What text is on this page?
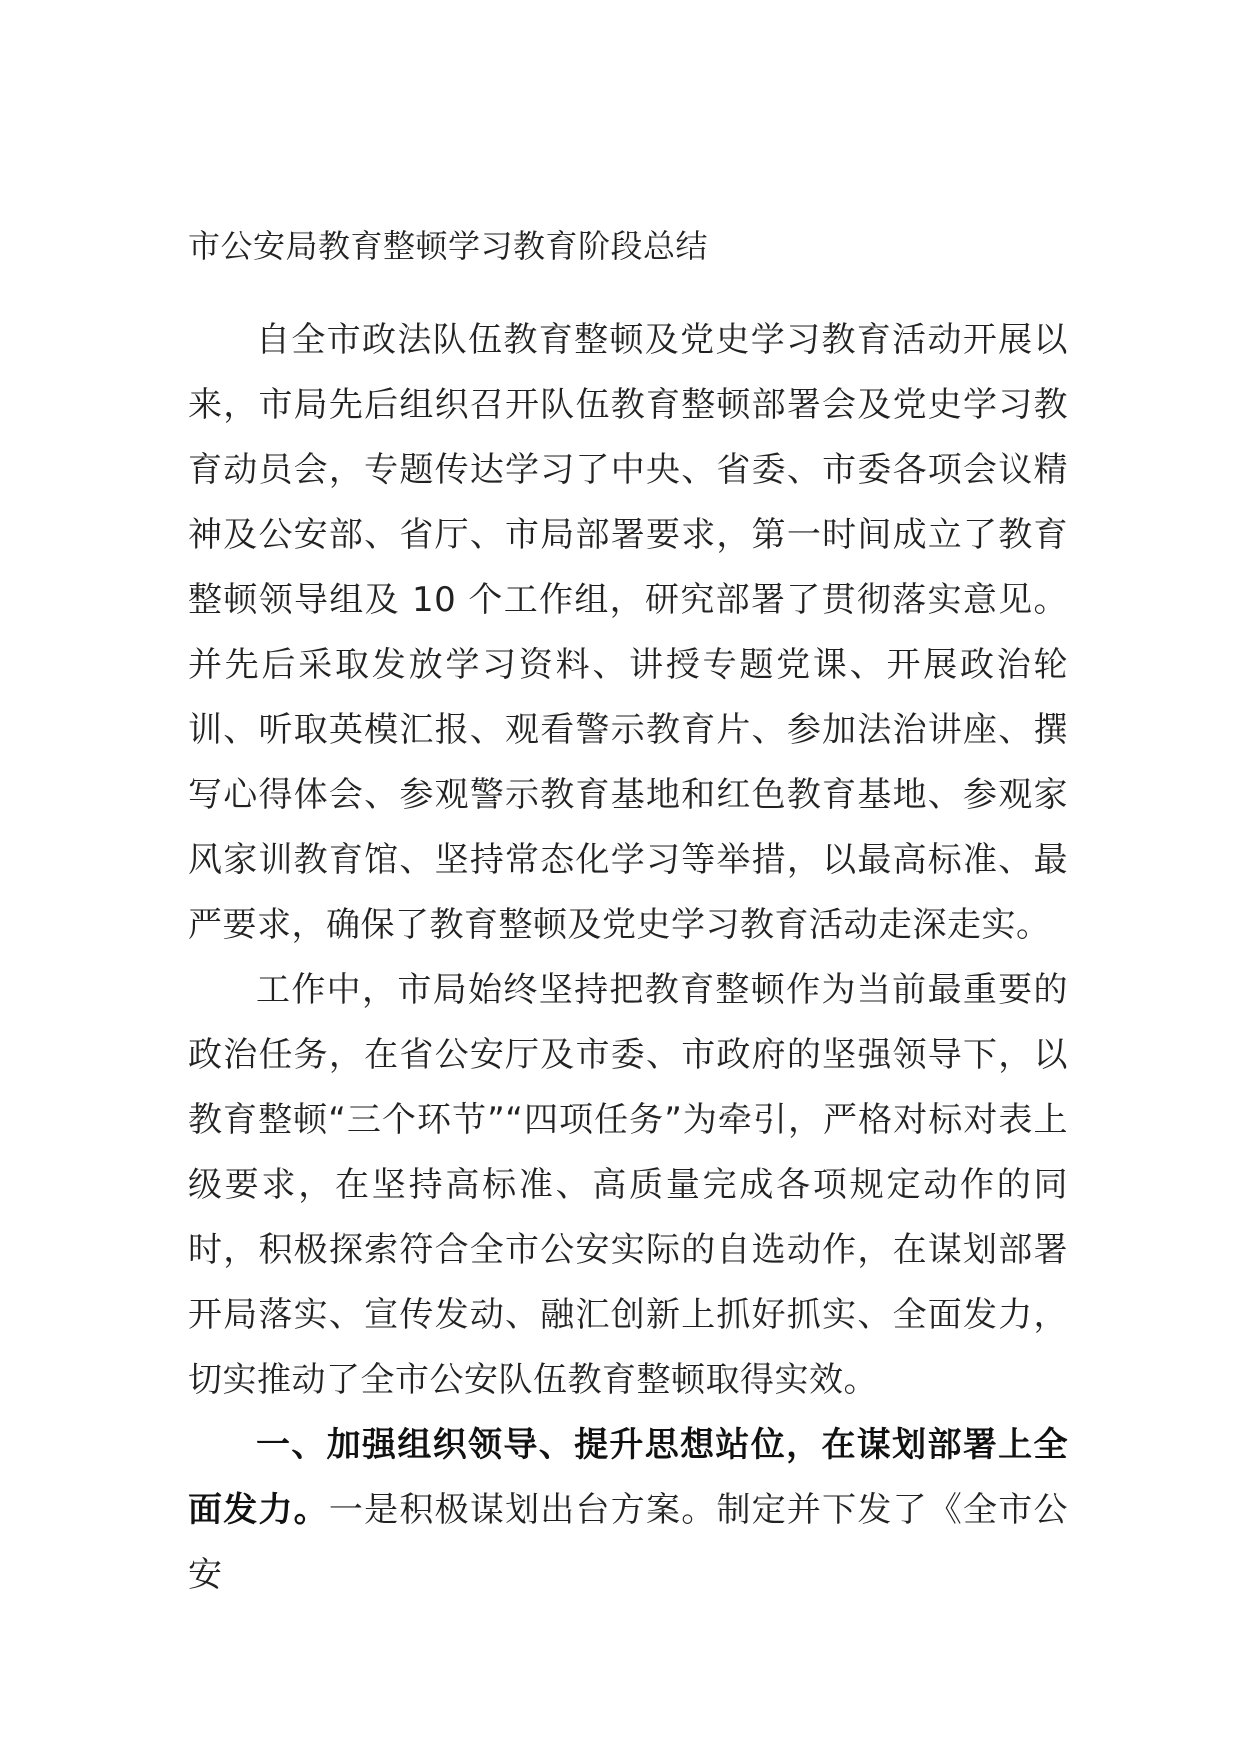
市公安局教育整顿学习教育阶段总结

自全市政法队伍教育整顿及党史学习教育活动开展以来，市局先后组织召开队伍教育整顿部署会及党史学习教育动员会，专题传达学习了中央、省委、市委各项会议精神及公安部、省厅、市局部署要求，第一时间成立了教育整顿领导组及 10 个工作组，研究部署了贯彻落实意见。并先后采取发放学习资料、讲授专题党课、开展政治轮训、听取英模汇报、观看警示教育片、参加法治讲座、撰写心得体会、参观警示教育基地和红色教育基地、参观家风家训教育馆、坚持常态化学习等举措，以最高标准、最严要求，确保了教育整顿及党史学习教育活动走深走实。

工作中，市局始终坚持把教育整顿作为当前最重要的政治任务，在省公安厅及市委、市政府的坚强领导下，以教育整顿“三个环节”“四项任务”为牵引，严格对标对表上级要求，在坚持高标准、高质量完成各项规定动作的同时，积极探索符合全市公安实际的自选动作，在谋划部署开局落实、宣传发动、融汇创新上抓好抓实、全面发力，切实推动了全市公安队伍教育整顿取得实效。

一、加强组织领导、提升思想站位，在谋划部署上全面发力。一是积极谋划出台方案。制定并下发了《全市公安
